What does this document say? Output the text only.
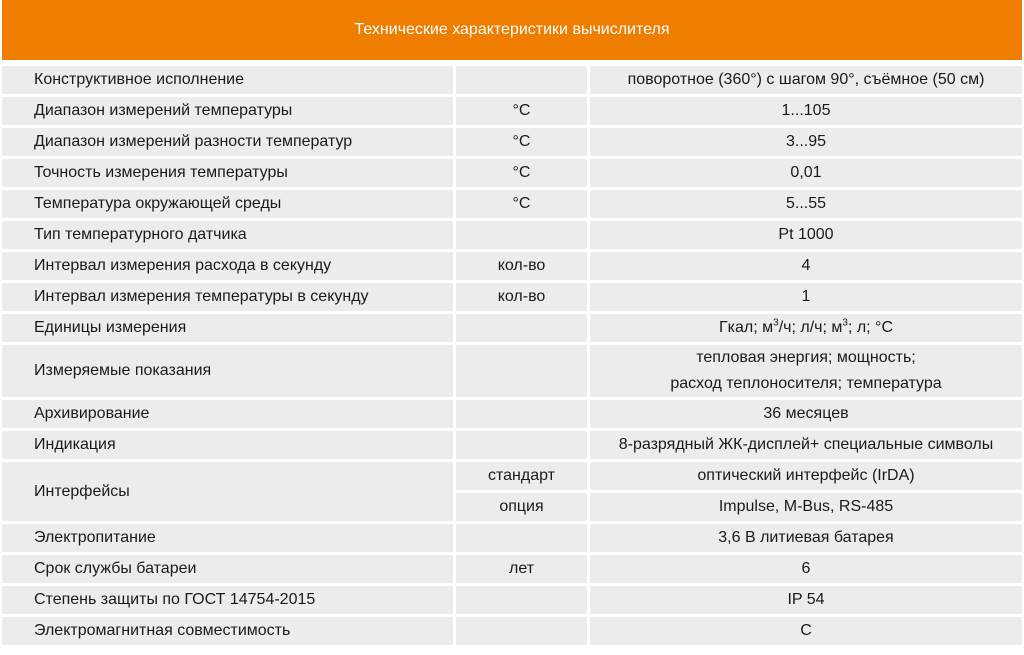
Технические характеристики вычислителя
Конструктивное исполнение		поворотное (360°) с шагом 90°, съёмное (50 см)
Диапазон измерений температуры	°C	1...105
Диапазон измерений разности температур	°C	3...95
Точность измерения температуры	°C	0,01
Температура окружающей среды	°C	5...55
Тип температурного датчика		Pt 1000
Интервал измерения расхода в секунду	кол-во	4
Интервал измерения температуры в секунду	кол-во	1
Единицы измерения		Гкал; $м^3/ч$; л/ч; $м^3$; л; °C
Измеряемые показания		тепловая энергия; мощность;
расход теплоносителя; температура

Архивирование		36 месяцев
Индикация		8-разрядный ЖК-дисплей+ специальные символы
Интерфейсы	стандарт	оптический интерфейс (IrDA)
	опция	Impulse, M-Bus, RS-485
Электропитание		3,6 В литиевая батарея
Срок службы батареи	лет	6
Степень защиты по ГОСТ 14754-2015		IP 54
Электромагнитная совместимость		С
